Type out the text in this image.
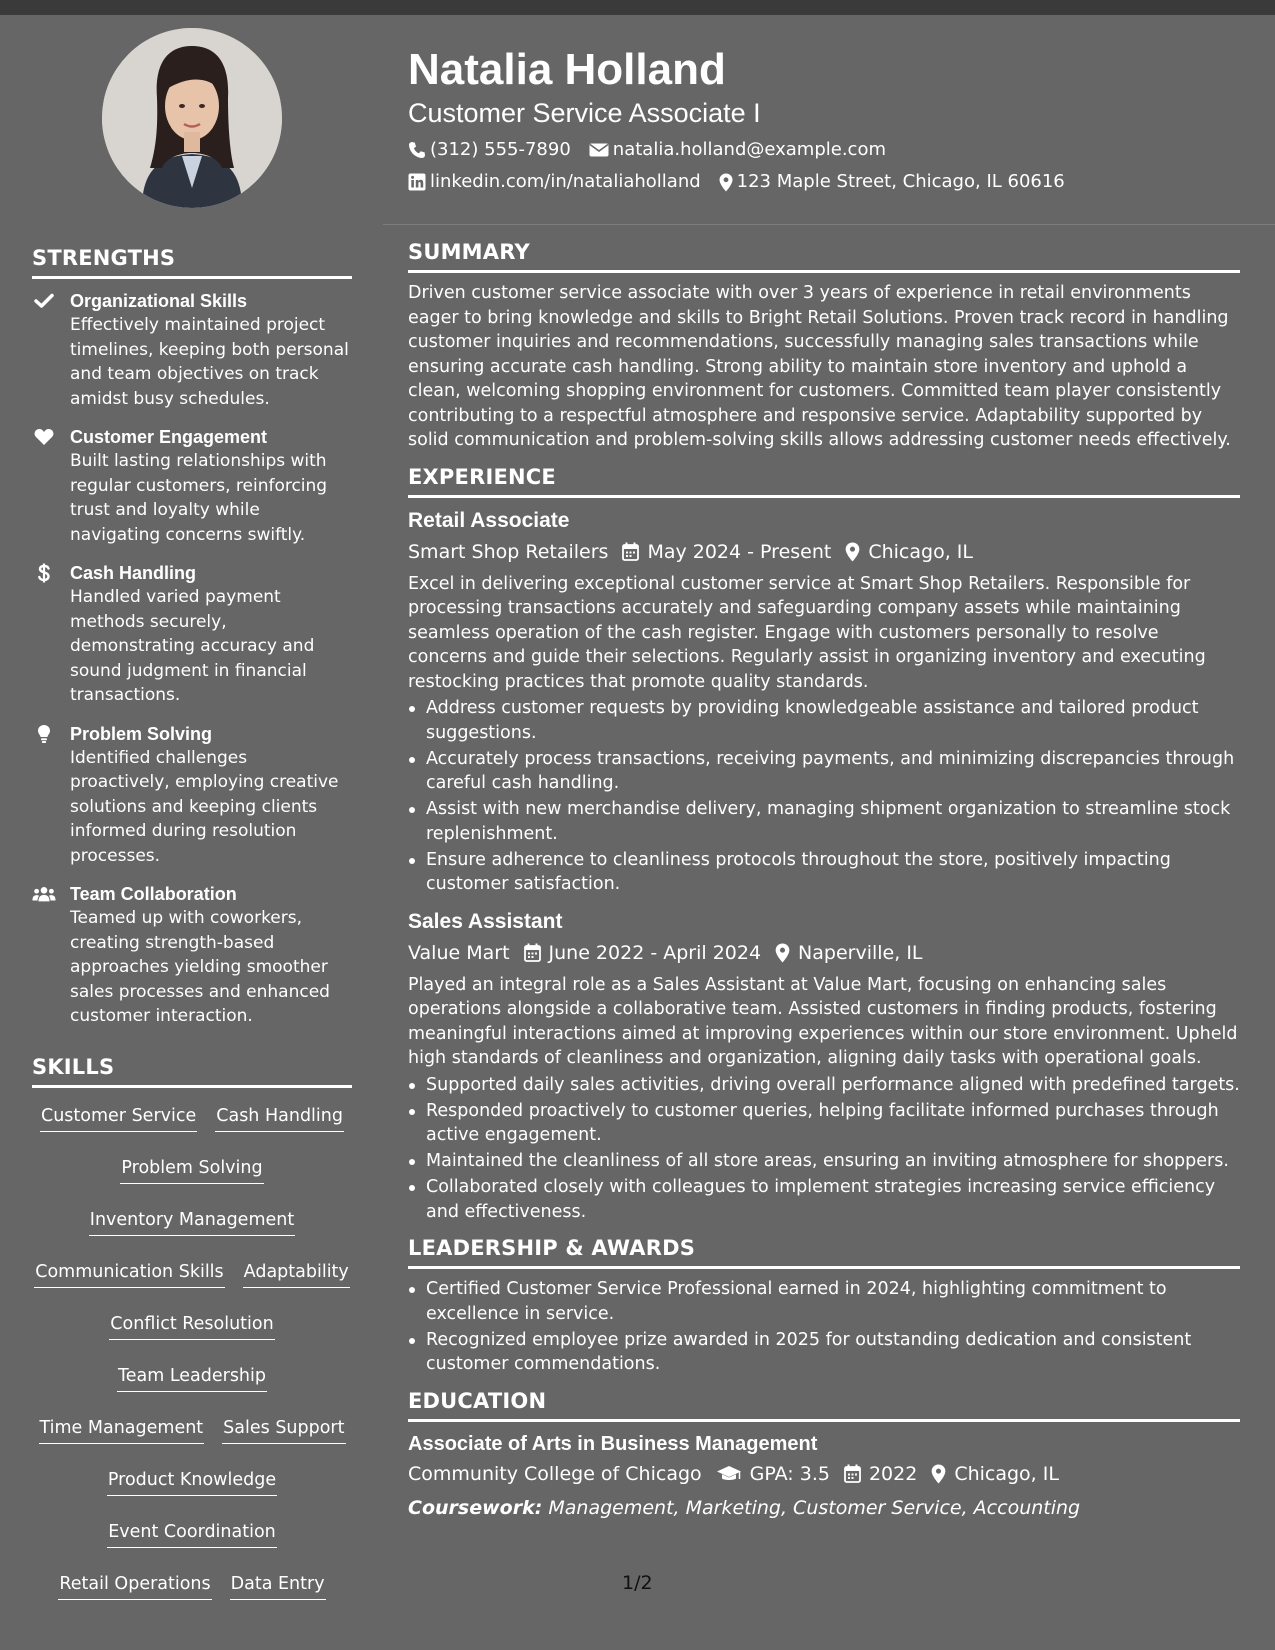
STRENGTHS
Organizational Skills
Effectively maintained project timelines, keeping both personal and team objectives on track amidst busy schedules.
Customer Engagement
Built lasting relationships with regular customers, reinforcing trust and loyalty while navigating concerns swiftly.
Cash Handling
Handled varied payment methods securely, demonstrating accuracy and sound judgment in financial transactions.
Problem Solving
Identified challenges proactively, employing creative solutions and keeping clients informed during resolution processes.
Team Collaboration
Teamed up with coworkers, creating strength-based approaches yielding smoother sales processes and enhanced customer interaction.
SKILLS
Customer Service Cash Handling
Problem Solving
Inventory Management
Communication Skills Adaptability
Conflict Resolution
Team Leadership
Time Management Sales Support
Product Knowledge
Event Coordination
Retail Operations Data Entry
Natalia Holland
Customer Service Associate I
(312) 555-7890 natalia.holland@example.com
linkedin.com/in/nataliaholland 123 Maple Street, Chicago, IL 60616
SUMMARY
Driven customer service associate with over 3 years of experience in retail environments eager to bring knowledge and skills to Bright Retail Solutions. Proven track record in handling customer inquiries and recommendations, successfully managing sales transactions while ensuring accurate cash handling. Strong ability to maintain store inventory and uphold a clean, welcoming shopping environment for customers. Committed team player consistently contributing to a respectful atmosphere and responsive service. Adaptability supported by solid communication and problem-solving skills allows addressing customer needs effectively.
EXPERIENCE
Retail Associate
Smart Shop Retailers May 2024 - Present Chicago, IL
Excel in delivering exceptional customer service at Smart Shop Retailers. Responsible for processing transactions accurately and safeguarding company assets while maintaining seamless operation of the cash register. Engage with customers personally to resolve concerns and guide their selections. Regularly assist in organizing inventory and executing restocking practices that promote quality standards.
Address customer requests by providing knowledgeable assistance and tailored product suggestions.
Accurately process transactions, receiving payments, and minimizing discrepancies through careful cash handling.
Assist with new merchandise delivery, managing shipment organization to streamline stock replenishment.
Ensure adherence to cleanliness protocols throughout the store, positively impacting customer satisfaction.
Sales Assistant
Value Mart June 2022 - April 2024 Naperville, IL
Played an integral role as a Sales Assistant at Value Mart, focusing on enhancing sales operations alongside a collaborative team. Assisted customers in finding products, fostering meaningful interactions aimed at improving experiences within our store environment. Upheld high standards of cleanliness and organization, aligning daily tasks with operational goals.
Supported daily sales activities, driving overall performance aligned with predefined targets.
Responded proactively to customer queries, helping facilitate informed purchases through active engagement.
Maintained the cleanliness of all store areas, ensuring an inviting atmosphere for shoppers.
Collaborated closely with colleagues to implement strategies increasing service efficiency and effectiveness.
LEADERSHIP & AWARDS
Certified Customer Service Professional earned in 2024, highlighting commitment to excellence in service.
Recognized employee prize awarded in 2025 for outstanding dedication and consistent customer commendations.
EDUCATION
Associate of Arts in Business Management
Community College of Chicago	GPA: 3.5 2022 Chicago, IL
Coursework: Management, Marketing, Customer Service, Accounting
1/2
